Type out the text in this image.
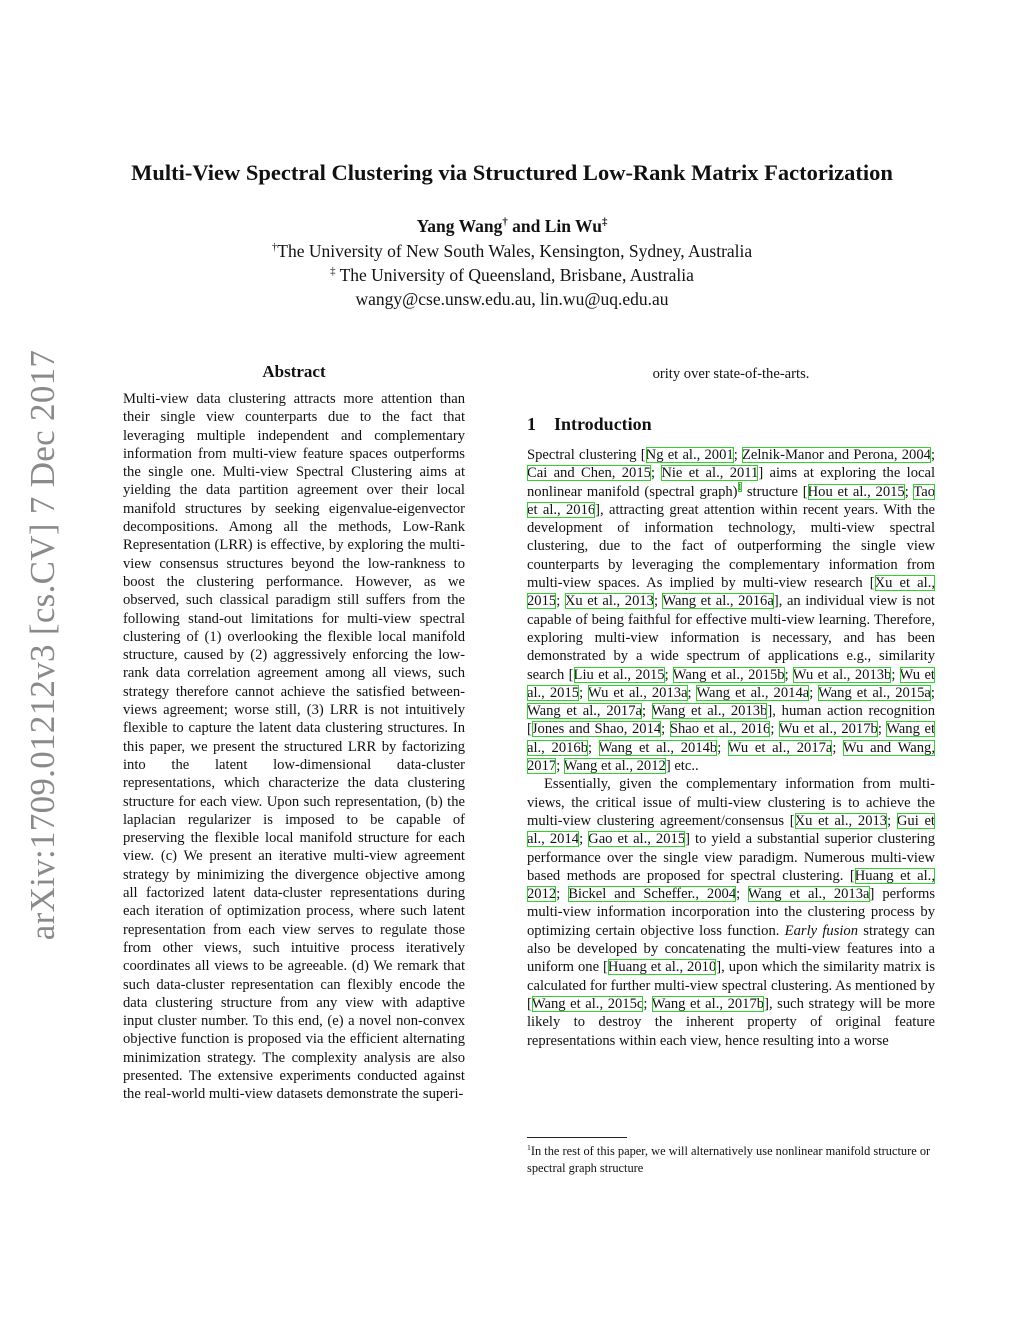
arXiv:1709.01212v3 [cs.CV] 7 Dec 2017
Multi-View Spectral Clustering via Structured Low-Rank Matrix Factorization
Yang Wang† and Lin Wu‡
†The University of New South Wales, Kensington, Sydney, Australia
‡ The University of Queensland, Brisbane, Australia
wangy@cse.unsw.edu.au, lin.wu@uq.edu.au
Abstract
Multi-view data clustering attracts more attention than their single view counterparts due to the fact that leveraging multiple independent and complementary information from multi-view feature spaces outperforms the single one. Multi-view Spectral Clustering aims at yielding the data partition agreement over their local manifold structures by seeking eigenvalue-eigenvector decompositions. Among all the methods, Low-Rank Representation (LRR) is effective, by exploring the multi-view consensus structures beyond the low-rankness to boost the clustering performance. However, as we observed, such classical paradigm still suffers from the following stand-out limitations for multi-view spectral clustering of (1) overlooking the flexible local manifold structure, caused by (2) aggressively enforcing the low-rank data correlation agreement among all views, such strategy therefore cannot achieve the satisfied between-views agreement; worse still, (3) LRR is not intuitively flexible to capture the latent data clustering structures. In this paper, we present the structured LRR by factorizing into the latent low-dimensional data-cluster representations, which characterize the data clustering structure for each view. Upon such representation, (b) the laplacian regularizer is imposed to be capable of preserving the flexible local manifold structure for each view. (c) We present an iterative multi-view agreement strategy by minimizing the divergence objective among all factorized latent data-cluster representations during each iteration of optimization process, where such latent representation from each view serves to regulate those from other views, such intuitive process iteratively coordinates all views to be agreeable. (d) We remark that such data-cluster representation can flexibly encode the data clustering structure from any view with adaptive input cluster number. To this end, (e) a novel non-convex objective function is proposed via the efficient alternating minimization strategy. The complexity analysis are also presented. The extensive experiments conducted against the real-world multi-view datasets demonstrate the superi-
ority over state-of-the-arts.
1 Introduction

Spectral clustering [Ng et al., 2001; Zelnik-Manor and Perona, 2004; Cai and Chen, 2015; Nie et al., 2011] aims at exploring the local nonlinear manifold (spectral graph)$^1$ structure [Hou et al., 2015; Tao et al., 2016], attracting great attention within recent years. With the development of information technology, multi-view spectral clustering, due to the fact of outperforming the single view counterparts by leveraging the complementary information from multi-view spaces. As implied by multi-view research [Xu et al., 2015; Xu et al., 2013; Wang et al., 2016a], an individual view is not capable of being faithful for effective multi-view learning. Therefore, exploring multi-view information is necessary, and has been demonstrated by a wide spectrum of applications e.g., similarity search [Liu et al., 2015; Wang et al., 2015b; Wu et al., 2013b; Wu et al., 2015; Wu et al., 2013a; Wang et al., 2014a; Wang et al., 2015a; Wang et al., 2017a; Wang et al., 2013b], human action recognition [Jones and Shao, 2014; Shao et al., 2016; Wu et al., 2017b; Wang et al., 2016b; Wang et al., 2014b; Wu et al., 2017a; Wu and Wang, 2017; Wang et al., 2012] etc..

Essentially, given the complementary information from multi-views, the critical issue of multi-view clustering is to achieve the multi-view clustering agreement/consensus [Xu et al., 2013; Gui et al., 2014; Gao et al., 2015] to yield a substantial superior clustering performance over the single view paradigm. Numerous multi-view based methods are proposed for spectral clustering. [Huang et al., 2012; Bickel and Scheffer., 2004; Wang et al., 2013a] performs multi-view information incorporation into the clustering process by optimizing certain objective loss function. Early fusion strategy can also be developed by concatenating the multi-view features into a uniform one [Huang et al., 2010], upon which the similarity matrix is calculated for further multi-view spectral clustering. As mentioned by [Wang et al., 2015c; Wang et al., 2017b], such strategy will be more likely to destroy the inherent property of original feature representations within each view, hence resulting into a worse

$^1$In the rest of this paper, we will alternatively use nonlinear manifold structure or spectral graph structure
